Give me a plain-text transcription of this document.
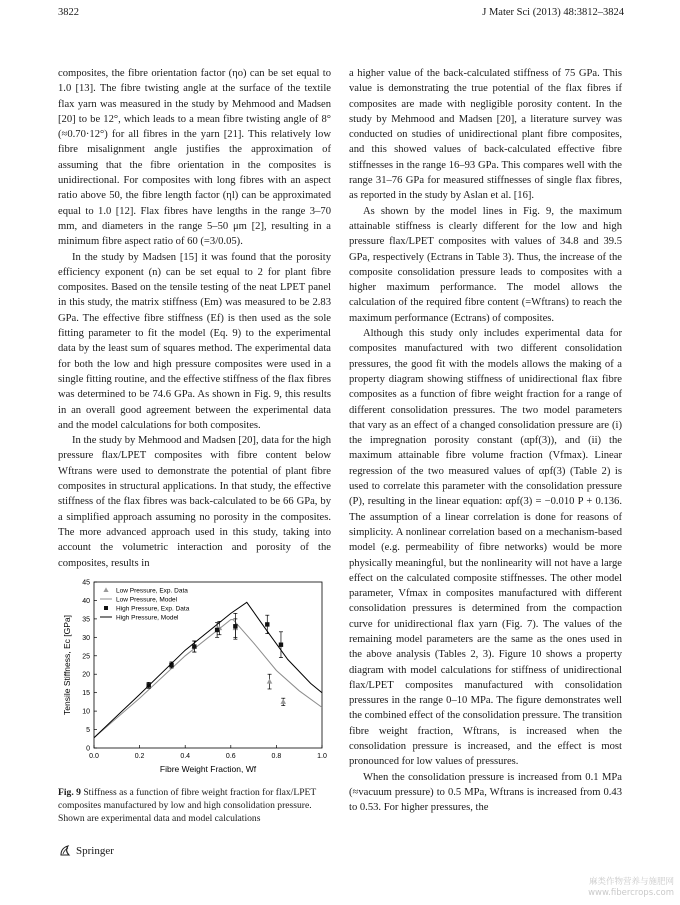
3822	J Mater Sci (2013) 48:3812–3824

composites, the fibre orientation factor (ηo) can be set equal to 1.0 [13]. The fibre twisting angle at the surface of the textile flax yarn was measured in the study by Mehmood and Madsen [20] to be 12°, which leads to a mean fibre twisting angle of 8° (≈0.70·12°) for all fibres in the yarn [21]. This relatively low fibre misalignment angle justifies the approximation of assuming that the fibre orientation in the composites is unidirectional. For composites with long fibres with an aspect ratio above 50, the fibre length factor (ηl) can be approximated equal to 1.0 [12]. Flax fibres have lengths in the range 3–70 mm, and diameters in the range 5–50 μm [2], resulting in a minimum fibre aspect ratio of 60 (=3/0.05).

In the study by Madsen [15] it was found that the porosity efficiency exponent (n) can be set equal to 2 for plant fibre composites. Based on the tensile testing of the neat LPET panel in this study, the matrix stiffness (Em) was measured to be 2.83 GPa. The effective fibre stiffness (Ef) is then used as the sole fitting parameter to fit the model (Eq. 9) to the experimental data by the least sum of squares method. The experimental data for both the low and high pressure composites were used in a single fitting routine, and the effective stiffness of the flax fibres was determined to be 74.6 GPa. As shown in Fig. 9, this results in an overall good agreement between the experimental data and the model calculations for both composites.

In the study by Mehmood and Madsen [20], data for the high pressure flax/LPET composites with fibre content below Wftrans were used to demonstrate the potential of plant fibre composites in structural applications. In that study, the effective stiffness of the flax fibres was back-calculated to be 66 GPa, by a simplified approach assuming no porosity in the composites. The more advanced approach used in this study, taking into account the volumetric interaction and porosity of the composites, results in

a higher value of the back-calculated stiffness of 75 GPa. This value is demonstrating the true potential of the flax fibres if composites are made with negligible porosity content. In the study by Mehmood and Madsen [20], a literature survey was conducted on studies of unidirectional plant fibre composites, and this showed values of back-calculated effective fibre stiffnesses in the range 16–93 GPa. This compares well with the range 31–76 GPa for measured stiffnesses of single flax fibres, as reported in the study by Aslan et al. [16].

As shown by the model lines in Fig. 9, the maximum attainable stiffness is clearly different for the low and high pressure flax/LPET composites with values of 34.8 and 39.5 GPa, respectively (Ectrans in Table 3). Thus, the increase of the composite consolidation pressure leads to composites with a higher maximum performance. The model allows the calculation of the required fibre content (=Wftrans) to reach the maximum performance (Ectrans) of composites.

Although this study only includes experimental data for composites manufactured with two different consolidation pressures, the good fit with the models allows the making of a property diagram showing stiffness of unidirectional flax fibre composites as a function of fibre weight fraction for a range of different consolidation pressures. The two model parameters that vary as an effect of a changed consolidation pressure are (i) the impregnation porosity constant (αpf(3)), and (ii) the maximum attainable fibre volume fraction (Vfmax). Linear regression of the two measured values of αpf(3) (Table 2) is used to correlate this parameter with the consolidation pressure (P), resulting in the linear equation: αpf(3) = −0.010 P + 0.136. The assumption of a linear correlation is done for reasons of simplicity. A nonlinear correlation based on a mechanism-based model (e.g. permeability of fibre networks) would be more physically meaningful, but the nonlinearity will not have a large effect on the calculated composite stiffnesses. The other model parameter, Vfmax in composites manufactured with different consolidation pressures is determined from the compaction curve for unidirectional flax yarn (Fig. 7). The values of the remaining model parameters are the same as the ones used in the above analysis (Tables 2, 3). Figure 10 shows a property diagram with model calculations for stiffness of unidirectional flax/LPET composites manufactured with consolidation pressures in the range 0–10 MPa. The figure demonstrates well the combined effect of the consolidation pressure. The transition fibre weight fraction, Wftrans, is increased when the consolidation pressure is increased, and the effect is most pronounced for low values of pressures.

When the consolidation pressure is increased from 0.1 MPa (≈vacuum pressure) to 0.5 MPa, Wftrans is increased from 0.43 to 0.53. For higher pressures, the

0.0	0.2	0.4	0.6	0.8	1.0
0
5
10
15
20
25
30
35
40
45
Fibre Weight Fraction, Wf
Tensile Stiffness, Ec [GPa]
Low Pressure, Exp. Data
Low Pressure, Model
High Pressure, Exp. Data
High Pressure, Model
Fig. 9 Stiffness as a function of fibre weight fraction for flax/LPET composites manufactured by low and high consolidation pressure. Shown are experimental data and model calculations
Springer
麻类作物营养与施肥网
www.fibercrops.com
